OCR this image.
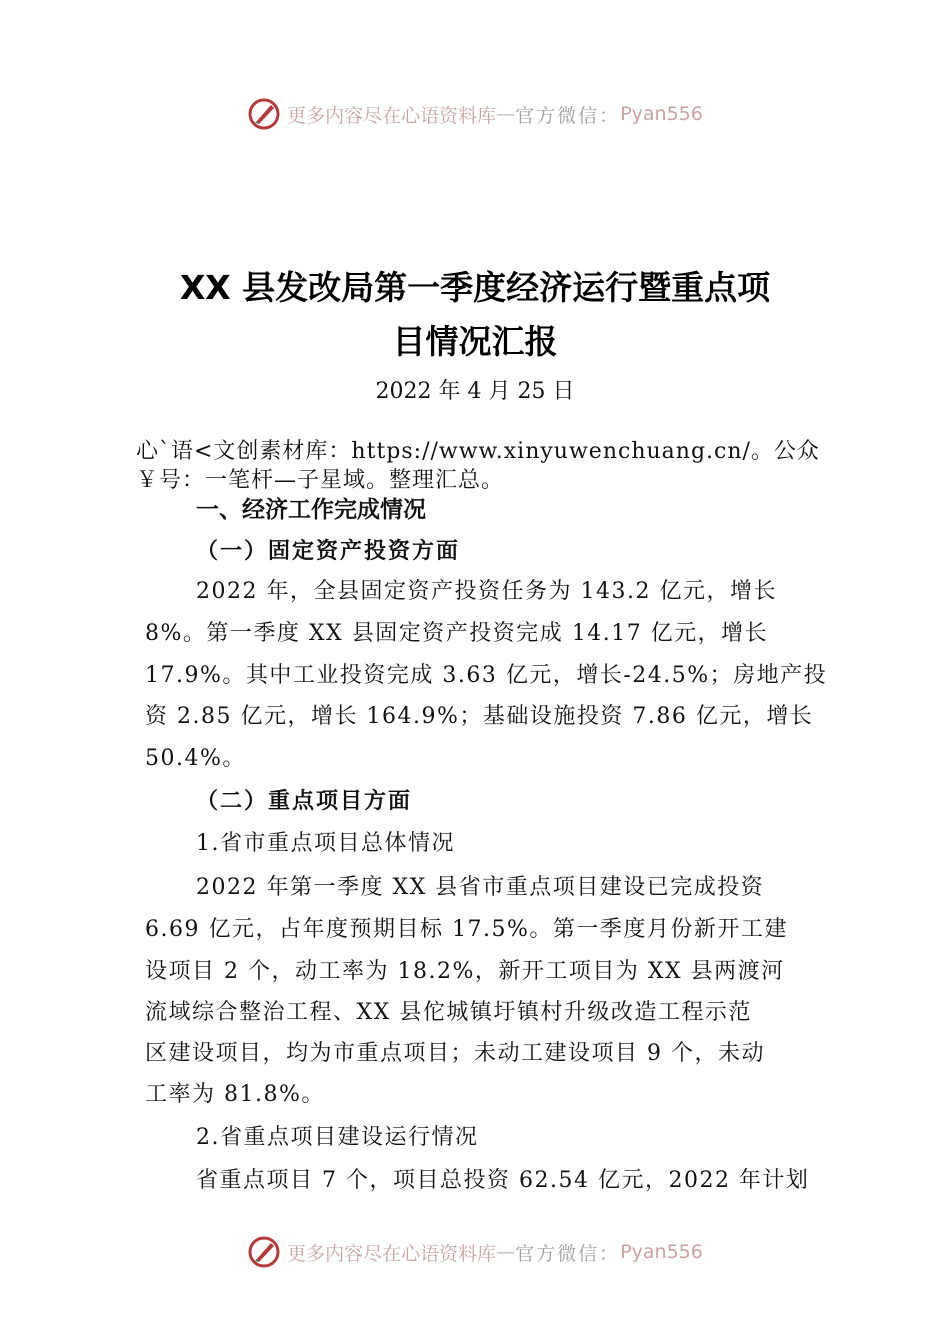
更多内容尽在心语资料库 — 官方微信： Pyan556
XX 县发改局第一季度经济运行暨重点项
目情况汇报
2022 年 4 月 25 日
心`语<文创素材库：https://www.xinyuwenchuang.cn/。公众
￥号：一笔杆—子星域。整理汇总。
一、经济工作完成情况
（一）固定资产投资方面
2022 年，全县固定资产投资任务为 143.2 亿元，增长
8%。第一季度 XX 县固定资产投资完成 14.17 亿元，增长
17.9%。其中工业投资完成 3.63 亿元，增长-24.5%；房地产投
资 2.85 亿元，增长 164.9%；基础设施投资 7.86 亿元，增长
50.4%。
（二）重点项目方面
1.省市重点项目总体情况
2022 年第一季度 XX 县省市重点项目建设已完成投资
6.69 亿元，占年度预期目标 17.5%。第一季度月份新开工建
设项目 2 个，动工率为 18.2%，新开工项目为 XX 县两渡河
流域综合整治工程、XX 县佗城镇圩镇村升级改造工程示范
区建设项目，均为市重点项目；未动工建设项目 9 个，未动
工率为 81.8%。
2.省重点项目建设运行情况
省重点项目 7 个，项目总投资 62.54 亿元，2022 年计划
更多内容尽在心语资料库 — 官方微信： Pyan556
